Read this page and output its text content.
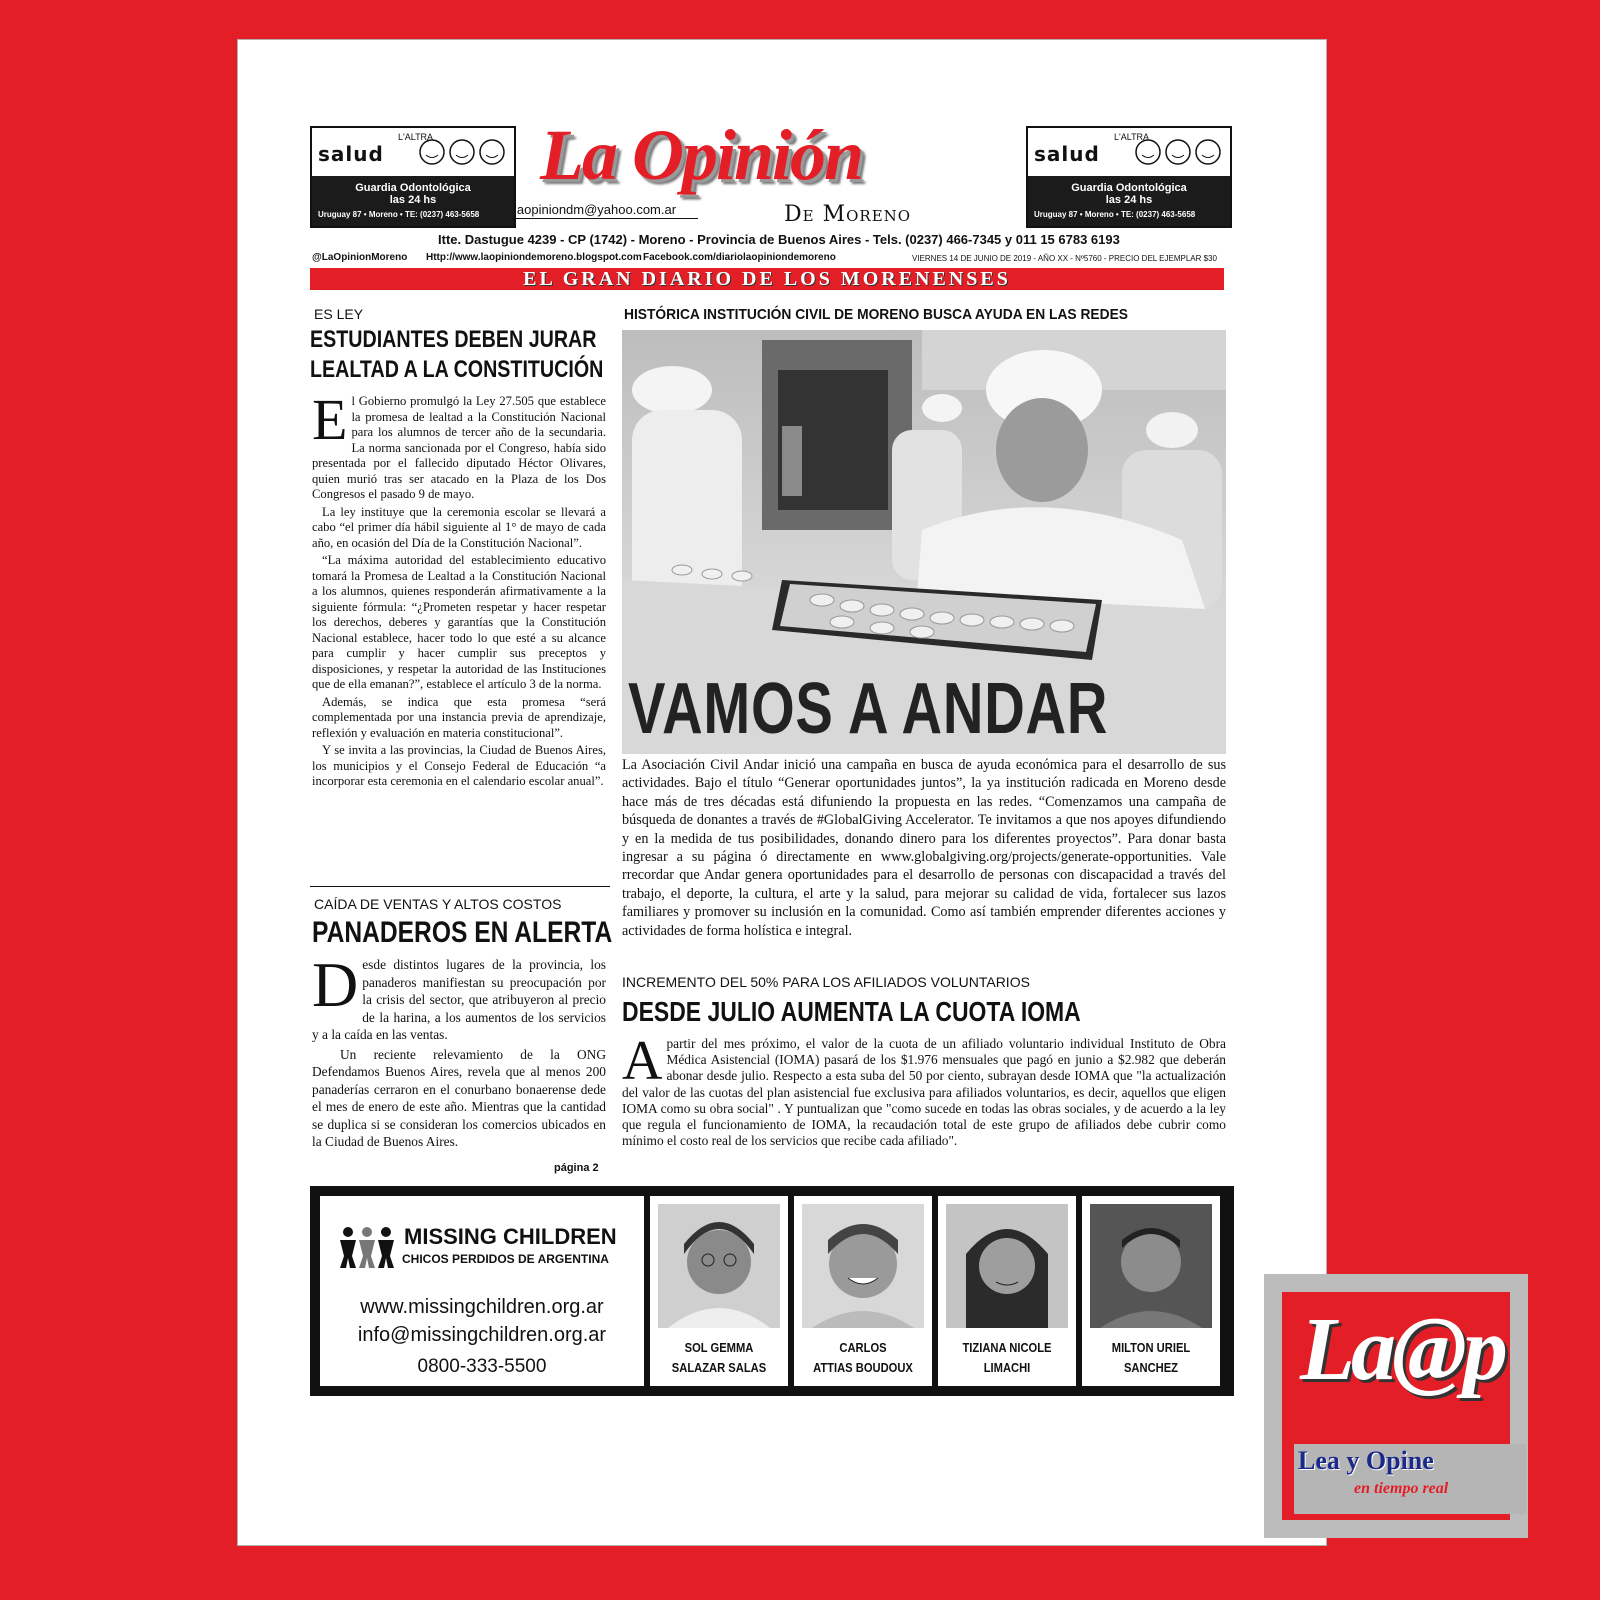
L'ALTRA
salud
Guardia Odontológica
las 24 hs
Uruguay 87 • Moreno • TE: (0237) 463-5658
L'ALTRA
salud
Guardia Odontológica
las 24 hs
Uruguay 87 • Moreno • TE: (0237) 463-5658
La Opinión
laopiniondm@yahoo.com.ar	De Moreno
Itte. Dastugue 4239 - CP (1742) - Moreno - Provincia de Buenos Aires - Tels. (0237) 466-7345 y 011 15 6783 6193
@LaOpinionMoreno Http://www.laopiniondemoreno.blogspot.com Facebook.com/diariolaopiniondemoreno	VIERNES 14 DE JUNIO DE 2019 - AÑO XX - Nº5760 - PRECIO DEL EJEMPLAR $30
EL GRAN DIARIO DE LOS MORENENSES
ES LEY
ESTUDIANTES DEBEN JURAR
LEALTAD A LA CONSTITUCIÓN
E l Gobierno promulgó la Ley 27.505 que establece la promesa de lealtad a la Constitución Nacional para los alumnos de tercer año de la secundaria. La norma sancionada por el Congreso, había sido presentada por el fallecido diputado Héctor Olivares, quien murió tras ser atacado en la Plaza de los Dos Congresos el pasado 9 de mayo.

La ley instituye que la ceremonia escolar se llevará a cabo “el primer día hábil siguiente al 1° de mayo de cada año, en ocasión del Día de la Constitución Nacional”.

“La máxima autoridad del establecimiento educativo tomará la Promesa de Lealtad a la Constitución Nacional a los alumnos, quienes responderán afirmativamente a la siguiente fórmula: “¿Prometen respetar y hacer respetar los derechos, deberes y garantías que la Constitución Nacional establece, hacer todo lo que esté a su alcance para cumplir y hacer cumplir sus preceptos y disposiciones, y respetar la autoridad de las Instituciones que de ella emanan?”, establece el artículo 3 de la norma.

Además, se indica que esta promesa “será complementada por una instancia previa de aprendizaje, reflexión y evaluación en materia constitucional”.

Y se invita a las provincias, la Ciudad de Buenos Aires, los municipios y el Consejo Federal de Educación “a incorporar esta ceremonia en el calendario escolar anual”.

CAÍDA DE VENTAS Y ALTOS COSTOS
PANADEROS EN ALERTA
D esde distintos lugares de la provincia, los panaderos manifiestan su preocupación por la crisis del sector, que atribuyeron al precio de la harina, a los aumentos de los servicios y a la caída en las ventas.

Un reciente relevamiento de la ONG Defendamos Buenos Aires, revela que al menos 200 panaderías cerraron en el conurbano bonaerense dede el mes de enero de este año. Mientras que la cantidad se duplica si se consideran los comercios ubicados en la Ciudad de Buenos Aires.

página 2
HISTÓRICA INSTITUCIÓN CIVIL DE MORENO BUSCA AYUDA EN LAS REDES
VAMOS A ANDAR
La Asociación Civil Andar inició una campaña en busca de ayuda económica para el desarrollo de sus actividades. Bajo el título “Generar oportunidades juntos”, la ya institución radicada en Moreno desde hace más de tres décadas está difuniendo la propuesta en las redes. “Comenzamos una campaña de búsqueda de donantes a través de #GlobalGiving Accelerator. Te invitamos a que nos apoyes difundiendo y en la medida de tus posibilidades, donando dinero para los diferentes proyectos”. Para donar basta ingresar a su página ó directamente en www.globalgiving.org/projects/generate-opportunities. Vale rrecordar que Andar genera oportunidades para el desarrollo de personas con discapacidad a través del trabajo, el deporte, la cultura, el arte y la salud, para mejorar su calidad de vida, fortalecer sus lazos familiares y promover su inclusión en la comunidad. Como así también emprender diferentes acciones y actividades de forma holística e integral.
INCREMENTO DEL 50% PARA LOS AFILIADOS VOLUNTARIOS
DESDE JULIO AUMENTA LA CUOTA IOMA
A partir del mes próximo, el valor de la cuota de un afiliado voluntario individual Instituto de Obra Médica Asistencial (IOMA) pasará de los $1.976 mensuales que pagó en junio a $2.982 que deberán abonar desde julio. Respecto a esta suba del 50 por ciento, subrayan desde IOMA que "la actualización del valor de las cuotas del plan asistencial fue exclusiva para afiliados voluntarios, es decir, aquellos que eligen IOMA como su obra social" . Y puntualizan que "como sucede en todas las obras sociales, y de acuerdo a la ley que regula el funcionamiento de IOMA, la recaudación total de este grupo de afiliados debe cubrir como mínimo el costo real de los servicios que recibe cada afiliado".
MISSING CHILDREN
CHICOS PERDIDOS DE ARGENTINA
www.missingchildren.org.ar
info@missingchildren.org.ar
0800-333-5500
SOL GEMMA
SALAZAR SALAS
CARLOS
ATTIAS BOUDOUX
TIZIANA NICOLE
LIMACHI
MILTON URIEL
SANCHEZ	La@p
Lea y Opine
en tiempo real
